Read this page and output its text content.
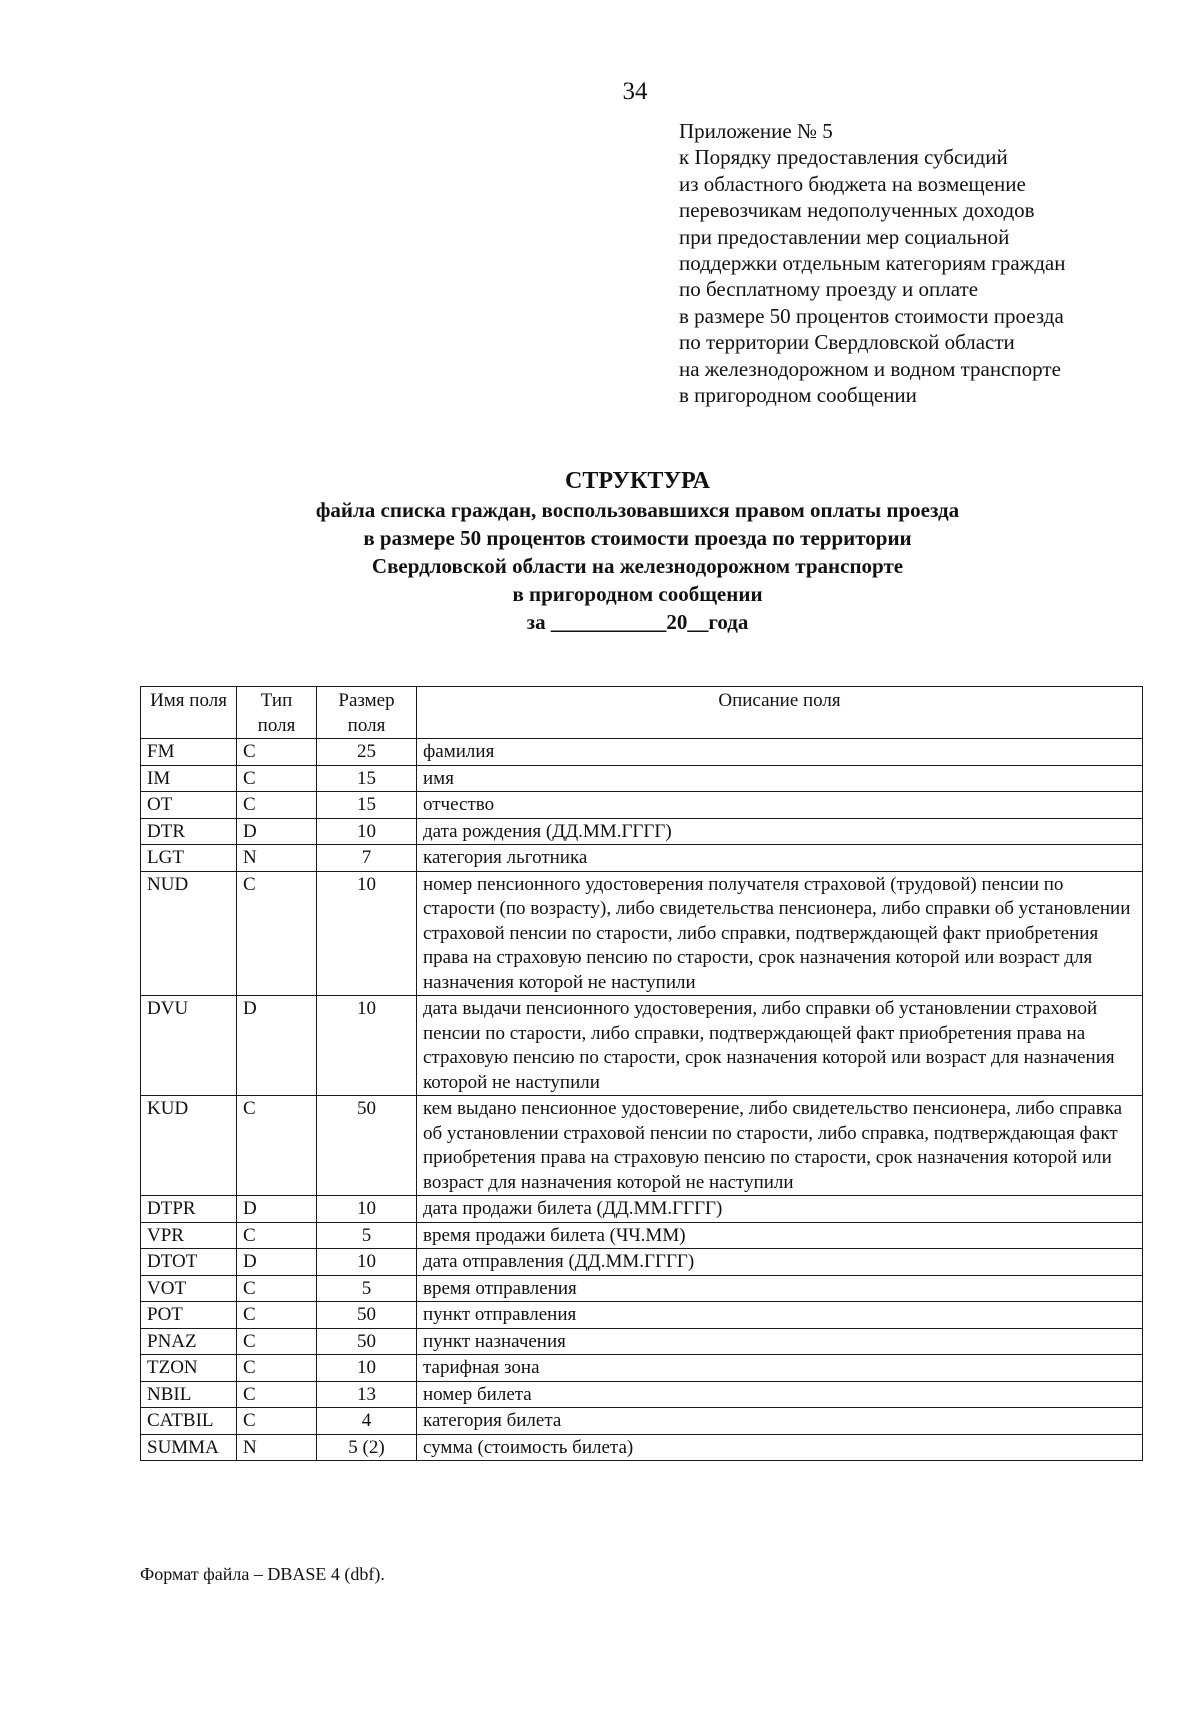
34
Приложение № 5
к Порядку предоставления субсидий
из областного бюджета на возмещение
перевозчикам недополученных доходов
при предоставлении мер социальной
поддержки отдельным категориям граждан
по бесплатному проезду и оплате
в размере 50 процентов стоимости проезда
по территории Свердловской области
на железнодорожном и водном транспорте
в пригородном сообщении
СТРУКТУРА
файла списка граждан, воспользовавшихся правом оплаты проезда
в размере 50 процентов стоимости проезда по территории
Свердловской области на железнодорожном транспорте
в пригородном сообщении
за ___________20__года
Имя поля	Тип поля	Размер поля	Описание поля
FM	C	25	фамилия
IM	C	15	имя
OT	C	15	отчество
DTR	D	10	дата рождения (ДД.ММ.ГГГГ)
LGT	N	7	категория льготника
NUD	C	10	номер пенсионного удостоверения получателя страховой (трудовой) пенсии по старости (по возрасту), либо свидетельства пенсионера, либо справки об установлении страховой пенсии по старости, либо справки, подтверждающей факт приобретения права на страховую пенсию по старости, срок назначения которой или возраст для назначения которой не наступили
DVU	D	10	дата выдачи пенсионного удостоверения, либо справки об установлении страховой пенсии по старости, либо справки, подтверждающей факт приобретения права на страховую пенсию по старости, срок назначения которой или возраст для назначения которой не наступили
KUD	C	50	кем выдано пенсионное удостоверение, либо свидетельство пенсионера, либо справка об установлении страховой пенсии по старости, либо справка, подтверждающая факт приобретения права на страховую пенсию по старости, срок назначения которой или возраст для назначения которой не наступили
DTPR	D	10	дата продажи билета (ДД.ММ.ГГГГ)
VPR	C	5	время продажи билета (ЧЧ.ММ)
DTOT	D	10	дата отправления (ДД.ММ.ГГГГ)
VOT	C	5	время отправления
POT	C	50	пункт отправления
PNAZ	C	50	пункт назначения
TZON	C	10	тарифная зона
NBIL	C	13	номер билета
CATBIL	C	4	категория билета
SUMMA	N	5 (2)	сумма (стоимость билета)
Формат файла – DBASE 4 (dbf).
